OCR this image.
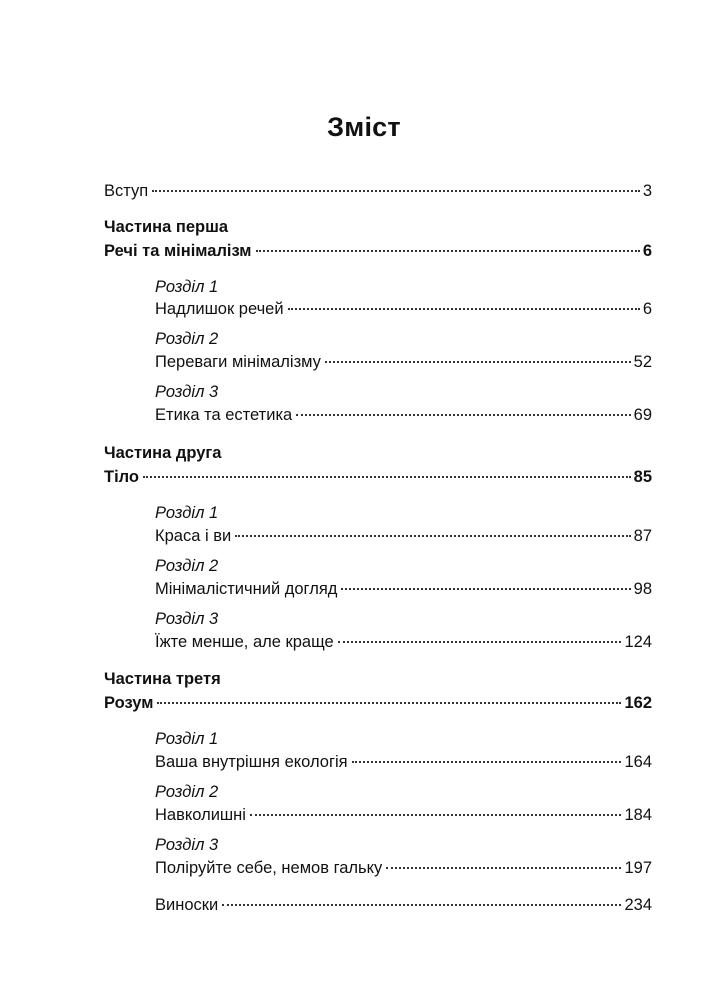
Зміст
Вступ	3
Частина перша
Речі та мінімалізм	6
Розділ 1
Надлишок речей	6
Розділ 2
Переваги мінімалізму	52
Розділ 3
Етика та естетика	69
Частина друга
Тіло	85
Розділ 1
Краса і ви	87
Розділ 2
Мінімалістичний догляд	98
Розділ 3
Їжте менше, але краще	124
Частина третя
Розум	162
Розділ 1
Ваша внутрішня екологія	164
Розділ 2
Навколишні	184
Розділ 3
Полiруйте себе, немов гальку	197
Виноски	234
